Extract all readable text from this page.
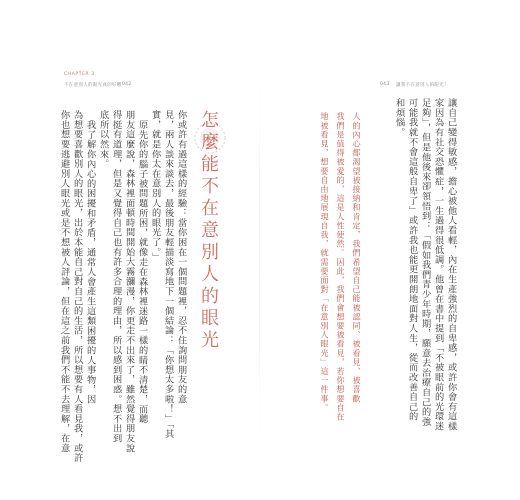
CHAPTER 3
不在意別人的眼光真的好難 042	043 讓我不在意別人的眼光！
你或許有過這樣的經驗：當你困在一個問題裡，忍不住詢問朋友的意
見，兩人談來談去，最後朋友輕描淡寫地下一個結論：「你想太多啦！」「其
實，就是你太在意別人的眼光了。」
原先你的腦子被問題所困，就像走在森林裡迷路一樣的睛不清楚，而聽
朋友這麼說，森林裡面頓時間開始大霧瀰漫，你更走不出來了，雖然覺得朋友說
得挺有道理，但是又覺得自己也有許多合理的理由，所以感到困惑。想不出到
底所以然來。
我了解你內心的困擾和矛盾，通常人會產生這類困擾的人事物，因
為想要喜歡別人的眼光，出於本能自己對自己的生活，所以想要有人看見我，或許
你也想要逃避別人眼光或是不想被人評論，但在這之前我們不能不去理解，在意	怎麼能不在意別人的眼光	人的內心都渴望被接納和肯定，我們希望自己能被認同、被看見、被喜歡
我們是值得被愛的，這是人性使然。因此，我們會想要被看見，若你想要自在
地被看見，想要自由地展現自我，就需要面對「在意別人眼光」這一件事。	讓自己變得敏感，擔心被他人看輕，內在生產強烈的自卑感，或許你會有這樣
家因為有社交恐懼症，一生過得很低調。他曾在書中提到「不被眼前的光環迷
足夠」，但是他後來卻領悟到：「假如我們青少年時期，願意去治療自己的強
可能我就不會這般自卑了」或許我也能更開朗地面對人生，從而改善自己的
和煩惱。
